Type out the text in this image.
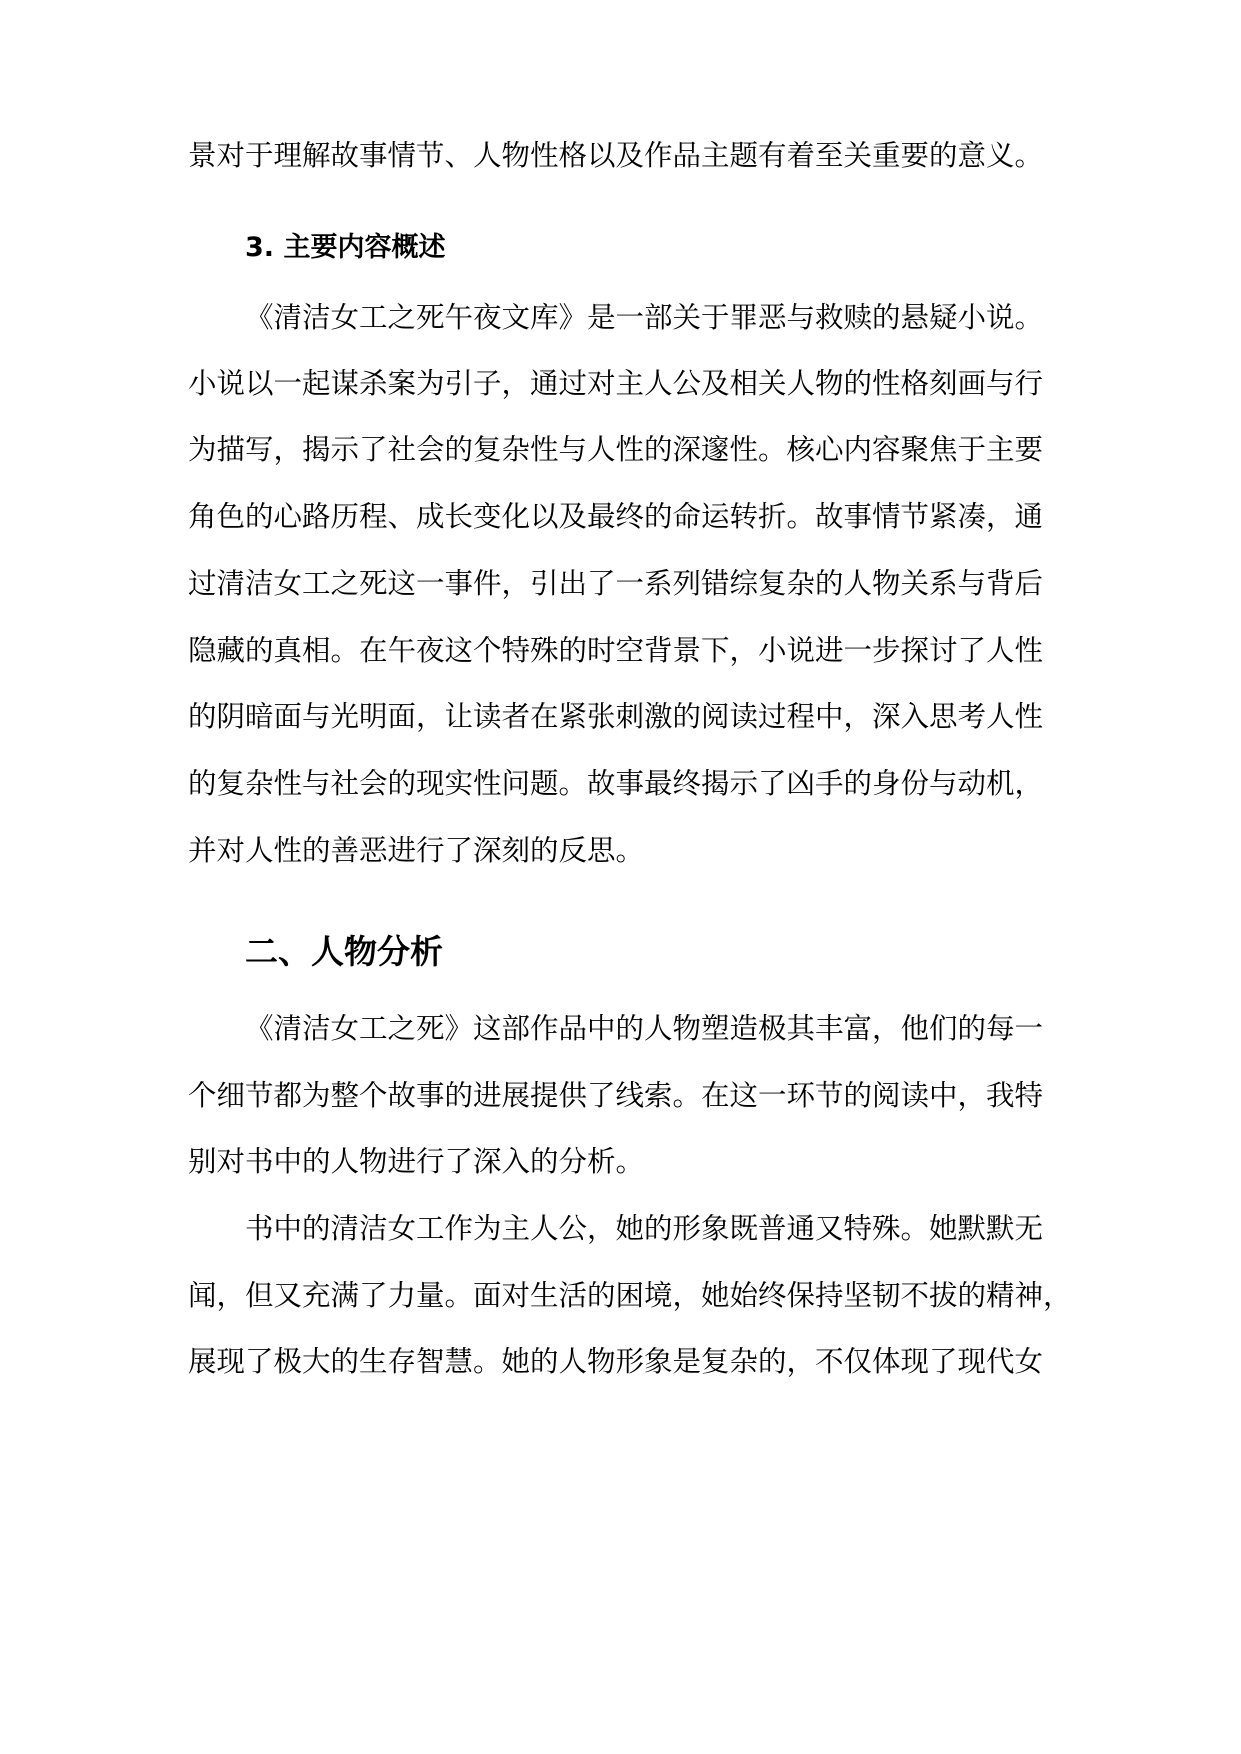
景对于理解故事情节、人物性格以及作品主题有着至关重要的意义。
3. 主要内容概述
《清洁女工之死午夜文库》是一部关于罪恶与救赎的悬疑小说。
小说以一起谋杀案为引子，通过对主人公及相关人物的性格刻画与行
为描写，揭示了社会的复杂性与人性的深邃性。核心内容聚焦于主要
角色的心路历程、成长变化以及最终的命运转折。故事情节紧凑，通
过清洁女工之死这一事件，引出了一系列错综复杂的人物关系与背后
隐藏的真相。在午夜这个特殊的时空背景下，小说进一步探讨了人性
的阴暗面与光明面，让读者在紧张刺激的阅读过程中，深入思考人性
的复杂性与社会的现实性问题。故事最终揭示了凶手的身份与动机，
并对人性的善恶进行了深刻的反思。
二、人物分析
《清洁女工之死》这部作品中的人物塑造极其丰富，他们的每一
个细节都为整个故事的进展提供了线索。在这一环节的阅读中，我特
别对书中的人物进行了深入的分析。
书中的清洁女工作为主人公，她的形象既普通又特殊。她默默无
闻，但又充满了力量。面对生活的困境，她始终保持坚韧不拔的精神，
展现了极大的生存智慧。她的人物形象是复杂的，不仅体现了现代女
